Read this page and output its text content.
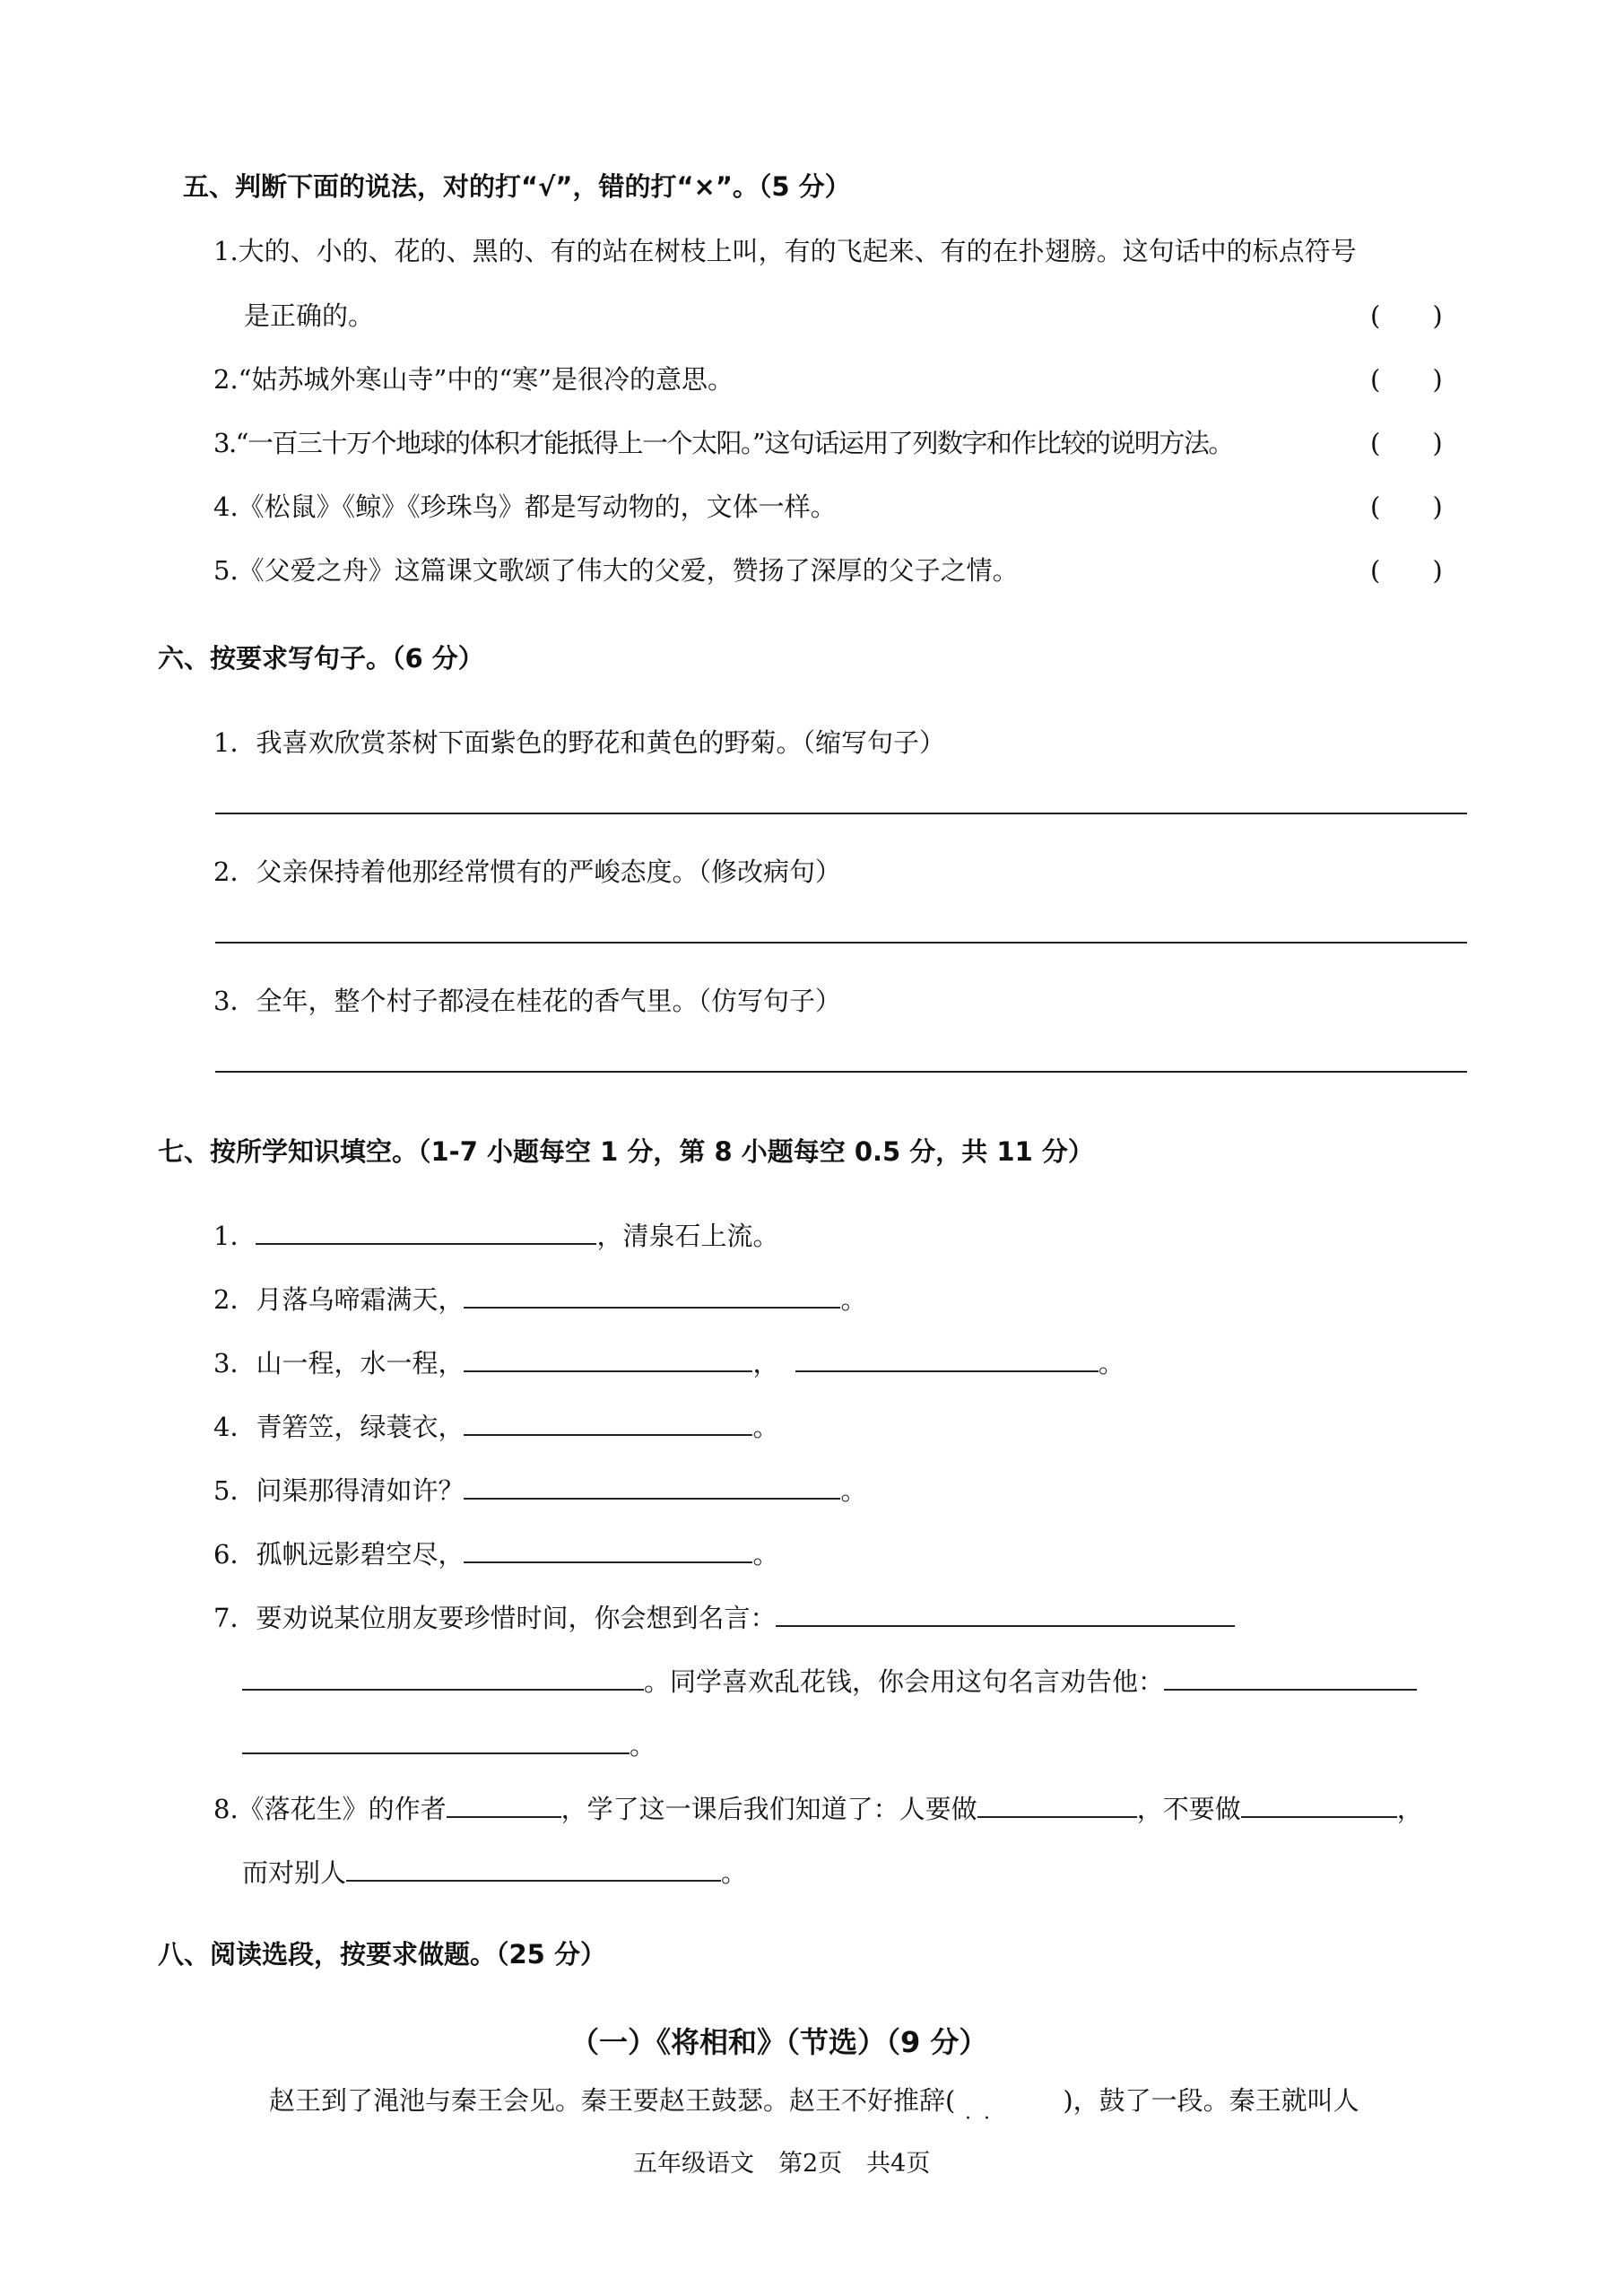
五、判断下面的说法，对的打“√”，错的打“×”。（5 分）
1.大的、小的、花的、黑的、有的站在树枝上叫，有的飞起来、有的在扑翅膀。这句话中的标点符号
是正确的。	(　　)
2.“姑苏城外寒山寺”中的“寒”是很冷的意思。	(　　)
3.“一百三十万个地球的体积才能抵得上一个太阳。”这句话运用了列数字和作比较的说明方法。	(　　)
4.《松鼠》《鲸》《珍珠鸟》都是写动物的，文体一样。	(　　)
5.《父爱之舟》这篇课文歌颂了伟大的父爱，赞扬了深厚的父子之情。	(　　)
六、按要求写句子。（6 分）
1．我喜欢欣赏茶树下面紫色的野花和黄色的野菊。（缩写句子）
2．父亲保持着他那经常惯有的严峻态度。（修改病句）
3．全年，整个村子都浸在桂花的香气里。（仿写句子）
七、按所学知识填空。（1-7 小题每空 1 分，第 8 小题每空 0.5 分，共 11 分）
1．	，清泉石上流。
2．月落乌啼霜满天，	。
3．山一程，水一程，	，	。
4．青箬笠，绿蓑衣，	。
5．问渠那得清如许？	。
6．孤帆远影碧空尽，	。
7．要劝说某位朋友要珍惜时间，你会想到名言：
。同学喜欢乱花钱，你会用这句名言劝告他：
。
8.《落花生》的作者	，学了这一课后我们知道了：人要做	，不要做	，
而对别人	。
八、阅读选段，按要求做题。（25 分）
（一）《将相和》（节选）（9 分）
赵王到了渑池与秦王会见。秦王要赵王鼓瑟。赵王不好推辞(	)，鼓了一段。秦王就叫人
··
五年级语文　第2页　共4页
